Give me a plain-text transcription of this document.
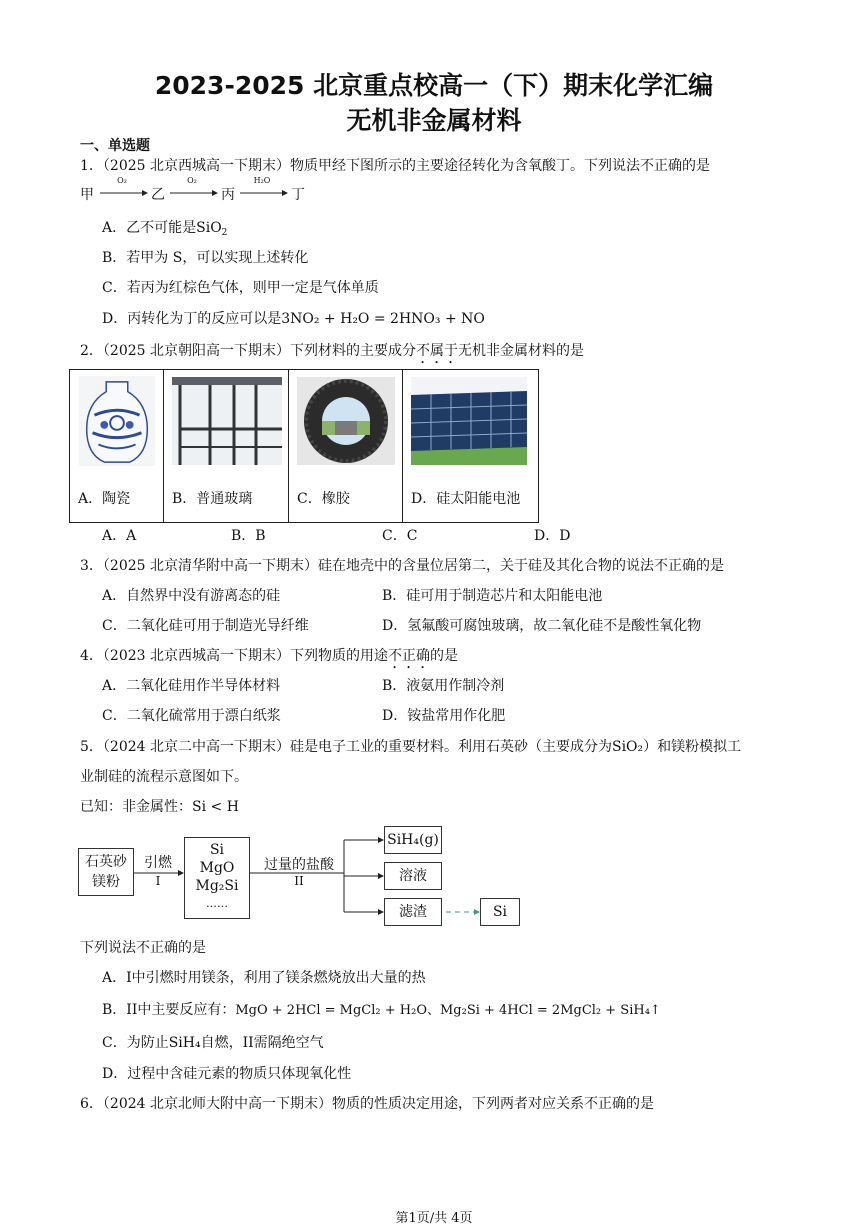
2023-2025 北京重点校高一（下）期末化学汇编
无机非金属材料
一、单选题
1．（2025 北京西城高一下期末）物质甲经下图所示的主要途径转化为含氧酸丁。下列说法不正确的是
甲
O₂
乙
O₂
丙
H₂O
丁
A．乙不可能是SiO$_2$
B．若甲为 S，可以实现上述转化
C．若丙为红棕色气体，则甲一定是气体单质
D．丙转化为丁的反应可以是3NO₂ + H₂O = 2HNO₃ + NO
2．（2025 北京朝阳高一下期末）下列材料的主要成分不属于无机非金属材料的是
A．陶瓷	B．普通玻璃	C．橡胶	D．硅太阳能电池
A．A	B．B	C．C	D．D
3．（2025 北京清华附中高一下期末）硅在地壳中的含量位居第二，关于硅及其化合物的说法不正确的是
A．自然界中没有游离态的硅	B．硅可用于制造芯片和太阳能电池
C．二氧化硅可用于制造光导纤维	D．氢氟酸可腐蚀玻璃，故二氧化硅不是酸性氧化物
4．（2023 北京西城高一下期末）下列物质的用途不正确的是
A．二氧化硅用作半导体材料	B．液氨用作制冷剂
C．二氧化硫常用于漂白纸浆	D．铵盐常用作化肥
5．（2024 北京二中高一下期末）硅是电子工业的重要材料。利用石英砂（主要成分为SiO₂）和镁粉模拟工
业制硅的流程示意图如下。
已知：非金属性：Si < H
石英砂
镁粉
引燃
I
Si
MgO
Mg₂Si
……
过量的盐酸
II
SiH₄(g)
溶液
滤渣	Si
下列说法不正确的是
A．I中引燃时用镁条，利用了镁条燃烧放出大量的热
B．II中主要反应有：MgO + 2HCl = MgCl₂ + H₂O、Mg₂Si + 4HCl = 2MgCl₂ + SiH₄↑
C．为防止SiH₄自燃，II需隔绝空气
D．过程中含硅元素的物质只体现氧化性
6．（2024 北京北师大附中高一下期末）物质的性质决定用途，下列两者对应关系不正确的是
第1页/共 4页
